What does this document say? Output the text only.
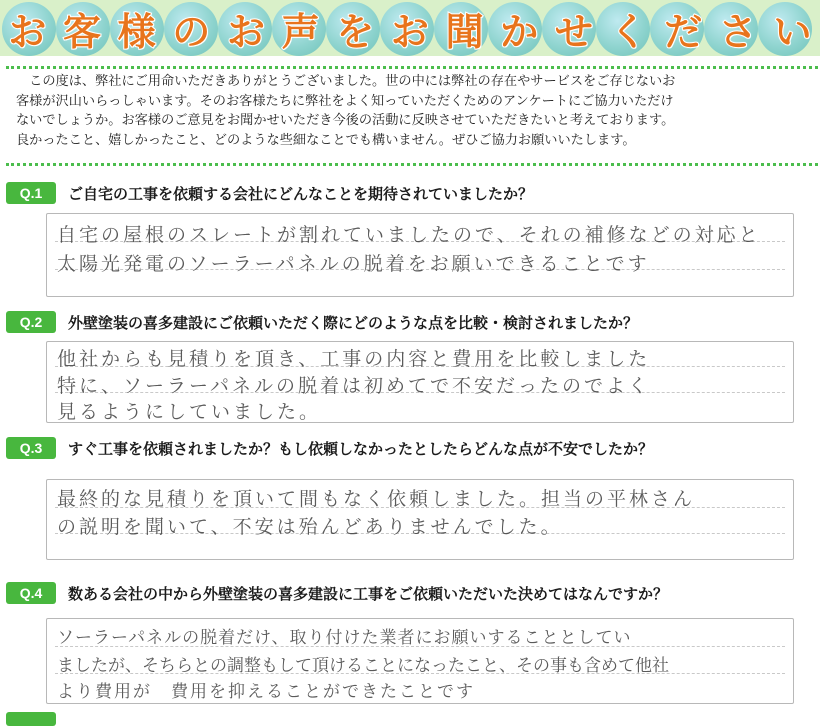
お 客 様 の お 声 を お 聞 か せ く だ さ い
　この度は、弊社にご用命いただきありがとうございました。世の中には弊社の存在やサービスをご存じないお
客様が沢山いらっしゃいます。そのお客様たちに弊社をよく知っていただくためのアンケートにご協力いただけ
ないでしょうか。お客様のご意見をお聞かせいただき今後の活動に反映させていただきたいと考えております。
良かったこと、嬉しかったこと、どのような些細なことでも構いません。ぜひご協力お願いいたします。
Q.1	ご自宅の工事を依頼する会社にどんなことを期待されていましたか？
自宅の屋根のスレートが割れていましたので、それの補修などの対応と
太陽光発電のソーラーパネルの脱着をお願いできることです
Q.2	外壁塗装の喜多建設にご依頼いただく際にどのような点を比較・検討されましたか？
他社からも見積りを頂き、工事の内容と費用を比較しました
特に、ソーラーパネルの脱着は初めてで不安だったのでよく
見るようにしていました。
Q.3	すぐ工事を依頼されましたか？もし依頼しなかったとしたらどんな点が不安でしたか？
最終的な見積りを頂いて間もなく依頼しました。担当の平林さん
の説明を聞いて、不安は殆んどありませんでした。
Q.4	数ある会社の中から外壁塗装の喜多建設に工事をご依頼いただいた決めてはなんですか？
ソーラーパネルの脱着だけ、取り付けた業者にお願いすることとしてい
ましたが、そちらとの調整もして頂けることになったこと、その事も含めて他社
より費用が　費用を抑えることができたことです
